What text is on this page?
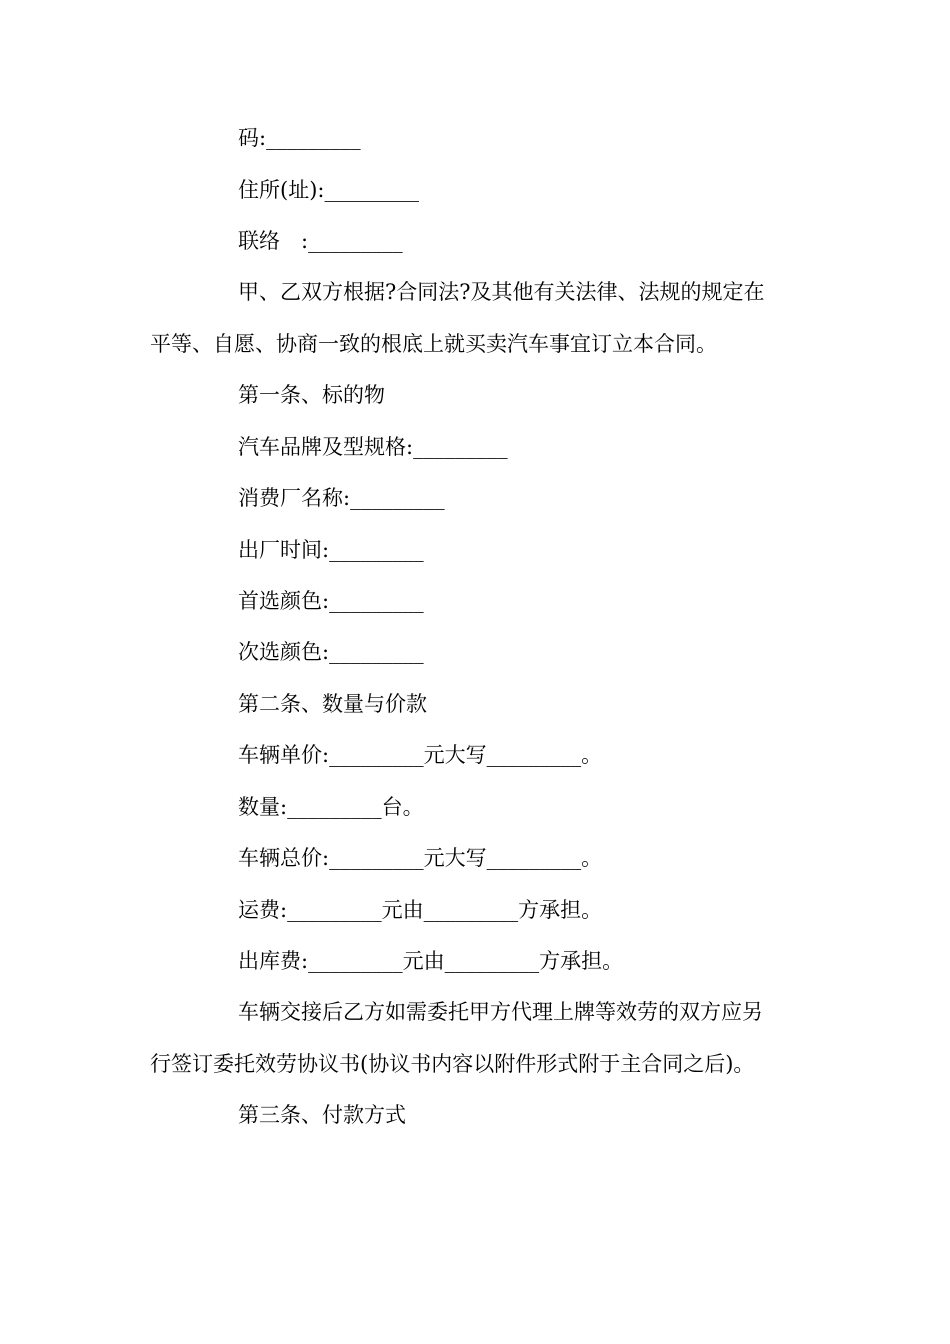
码:_________
住所(址):_________
联络　:_________
甲、乙双方根据?合同法?及其他有关法律、法规的规定在
平等、自愿、协商一致的根底上就买卖汽车事宜订立本合同。
第一条、标的物
汽车品牌及型规格:_________
消费厂名称:_________
出厂时间:_________
首选颜色:_________
次选颜色:_________
第二条、数量与价款
车辆单价:_________元大写_________。
数量:_________台。
车辆总价:_________元大写_________。
运费:_________元由_________方承担。
出库费:_________元由_________方承担。
车辆交接后乙方如需委托甲方代理上牌等效劳的双方应另
行签订委托效劳协议书(协议书内容以附件形式附于主合同之后)。
第三条、付款方式
